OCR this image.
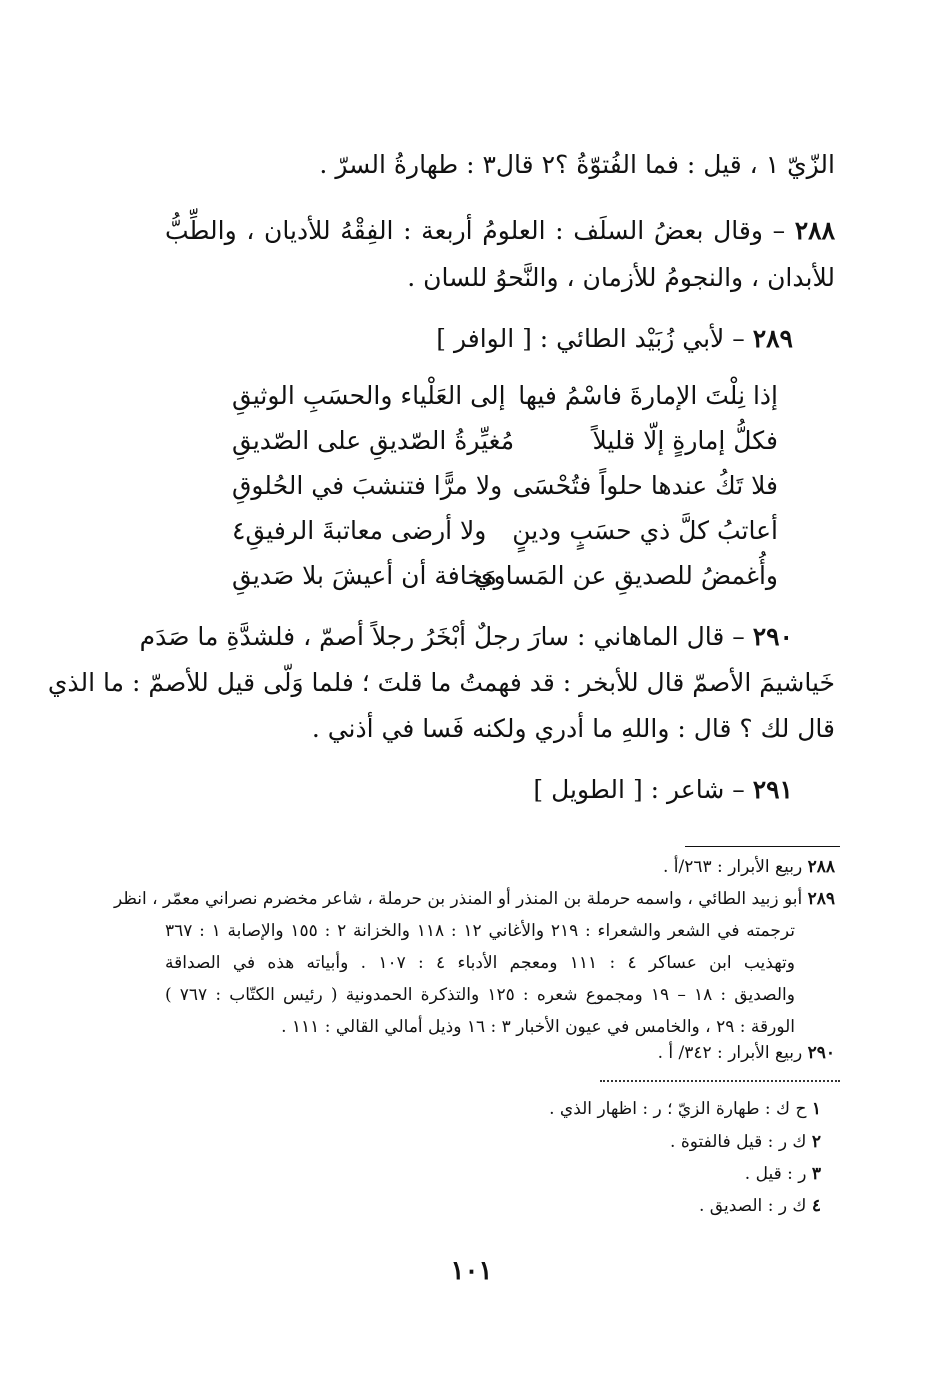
الزّيّ ١ ، قيل : فما الفُتوّةُ ؟٢ قال٣ : طهارةُ السرّ .
٢٨٨ – وقال بعضُ السلَف : العلومُ أربعة : الفِقْهُ للأديان ، والطِّبُّ
للأبدان ، والنجومُ للأزمان ، والنَّحوُ للسان .
٢٨٩ – لأبي زُبَيْد الطائي : [ الوافر ]
إذا نِلْتَ الإمارةَ فاسْمُ فيها
إلى العَلْياء والحسَبِ الوثيقِ
فكلُّ إمارةٍ إلّا قليلاً
مُغيِّرةُ الصّديقِ على الصّديقِ
فلا تَكُ عندها حلواً فتُحْسَى
ولا مرًّا فتنشبَ في الحُلوقِ
أعاتبُ كلَّ ذي حسَبٍ ودينٍ
ولا أرضى معاتبةَ الرفيقِ٤
وأُغمضُ للصديقِ عن المَساوي
مَخافة أن أعيشَ بلا صَديقِ
٢٩٠ – قال الماهاني : سارَ رجلٌ أبْخَرُ رجلاً أصمّ ، فلشدَّةِ ما صَدَم
خَياشيمَ الأصمّ قال للأبخر : قد فهمتُ ما قلتَ ؛ فلما وَلّى قيل للأصمّ : ما الذي
قال لك ؟ قال : واللهِ ما أدري ولكنه فَسا في أذني .
٢٩١ – شاعر : [ الطويل ]
٢٨٨ ربيع الأبرار : ٢٦٣/أ .
٢٨٩ أبو زبيد الطائي ، واسمه حرملة بن المنذر أو المنذر بن حرملة ، شاعر مخضرم نصراني معمّر ، انظر
ترجمته في الشعر والشعراء : ٢١٩ والأغاني ١٢ : ١١٨ والخزانة ٢ : ١٥٥ والإصابة ١ : ٣٦٧
وتهذيب ابن عساكر ٤ : ١١١ ومعجم الأدباء ٤ : ١٠٧ . وأبياته هذه في الصداقة
والصديق : ١٨ – ١٩ ومجموع شعره : ١٢٥ والتذكرة الحمدونية ( رئيس الكتّاب : ٧٦٧ )
الورقة : ٢٩ ، والخامس في عيون الأخبار ٣ : ١٦ وذيل أمالي القالي : ١١١ .
٢٩٠ ربيع الأبرار : ٣٤٢/ أ .
١ ح ك : طهارة الزيّ ؛ ر : اظهار الذي .
٢ ك ر : قيل فالفتوة .
٣ ر : قيل .
٤ ك ر : الصديق .
١٠١
